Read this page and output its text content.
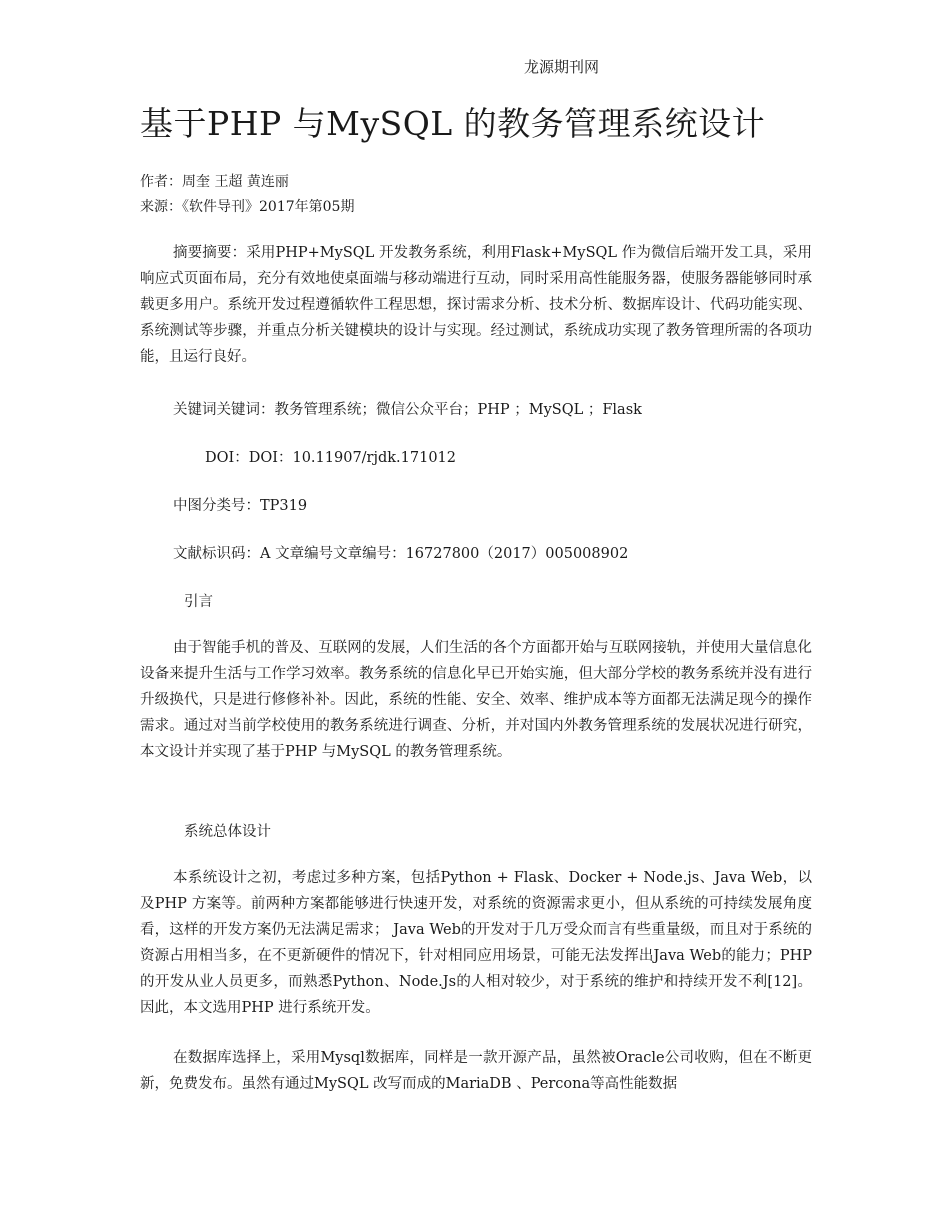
龙源期刊网
基于PHP 与MySQL 的教务管理系统设计
作者：周奎 王超 黄连丽
来源：《软件导刊》2017年第05期

摘要摘要：采用PHP+MySQL 开发教务系统，利用Flask+MySQL 作为微信后端开发工具，采用响应式页面布局，充分有效地使桌面端与移动端进行互动，同时采用高性能服务器，使服务器能够同时承载更多用户。系统开发过程遵循软件工程思想，探讨需求分析、技术分析、数据库设计、代码功能实现、系统测试等步骤，并重点分析关键模块的设计与实现。经过测试，系统成功实现了教务管理所需的各项功能，且运行良好。

关键词关键词：教务管理系统；微信公众平台；PHP ；MySQL ；Flask
DOI：DOI：10.11907/rjdk.171012
中图分类号：TP319
文献标识码：A 文章编号文章编号：16727800（2017）005008902
引言

由于智能手机的普及、互联网的发展，人们生活的各个方面都开始与互联网接轨，并使用大量信息化设备来提升生活与工作学习效率。教务系统的信息化早已开始实施，但大部分学校的教务系统并没有进行升级换代，只是进行修修补补。因此，系统的性能、安全、效率、维护成本等方面都无法满足现今的操作需求。通过对当前学校使用的教务系统进行调查、分析，并对国内外教务管理系统的发展状况进行研究，本文设计并实现了基于PHP 与MySQL 的教务管理系统。

系统总体设计

本系统设计之初，考虑过多种方案，包括Python + Flask、Docker + Node.js、Java Web，以及PHP 方案等。前两种方案都能够进行快速开发，对系统的资源需求更小，但从系统的可持续发展角度看，这样的开发方案仍无法满足需求； Java Web的开发对于几万受众而言有些重量级，而且对于系统的资源占用相当多，在不更新硬件的情况下，针对相同应用场景，可能无法发挥出Java Web的能力；PHP 的开发从业人员更多，而熟悉Python、Node.Js的人相对较少，对于系统的维护和持续开发不利[12]。因此，本文选用PHP 进行系统开发。

在数据库选择上，采用Mysql数据库，同样是一款开源产品，虽然被Oracle公司收购，但在不断更新，免费发布。虽然有通过MySQL 改写而成的MariaDB 、Percona等高性能数据
